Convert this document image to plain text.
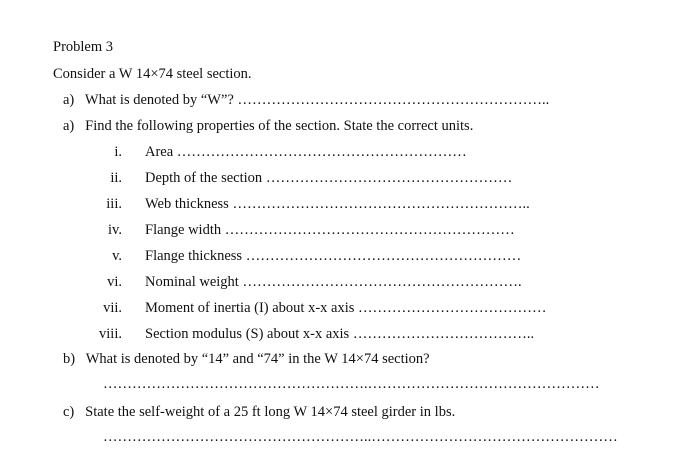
Problem 3
Consider a W 14×74 steel section.
a) What is denoted by “W”? ………………………………………………………..
a) Find the following properties of the section. State the correct units.
i. Area ……………………………………………………
ii. Depth of the section ……………………………………………
iii. Web thickness ……………………………………………………..
iv. Flange width ……………………………………………………
v. Flange thickness …………………………………………………
vi. Nominal weight ………………………………………………….
vii. Moment of inertia (I) about x-x axis …………………………………
viii. Section modulus (S) about x-x axis ………………………………..
b) What is denoted by “14” and “74” in the W 14×74 section?
……………………………………………….…………………………………………
c) State the self-weight of a 25 ft long W 14×74 steel girder in lbs.
………………………………………………..……………………………………………
